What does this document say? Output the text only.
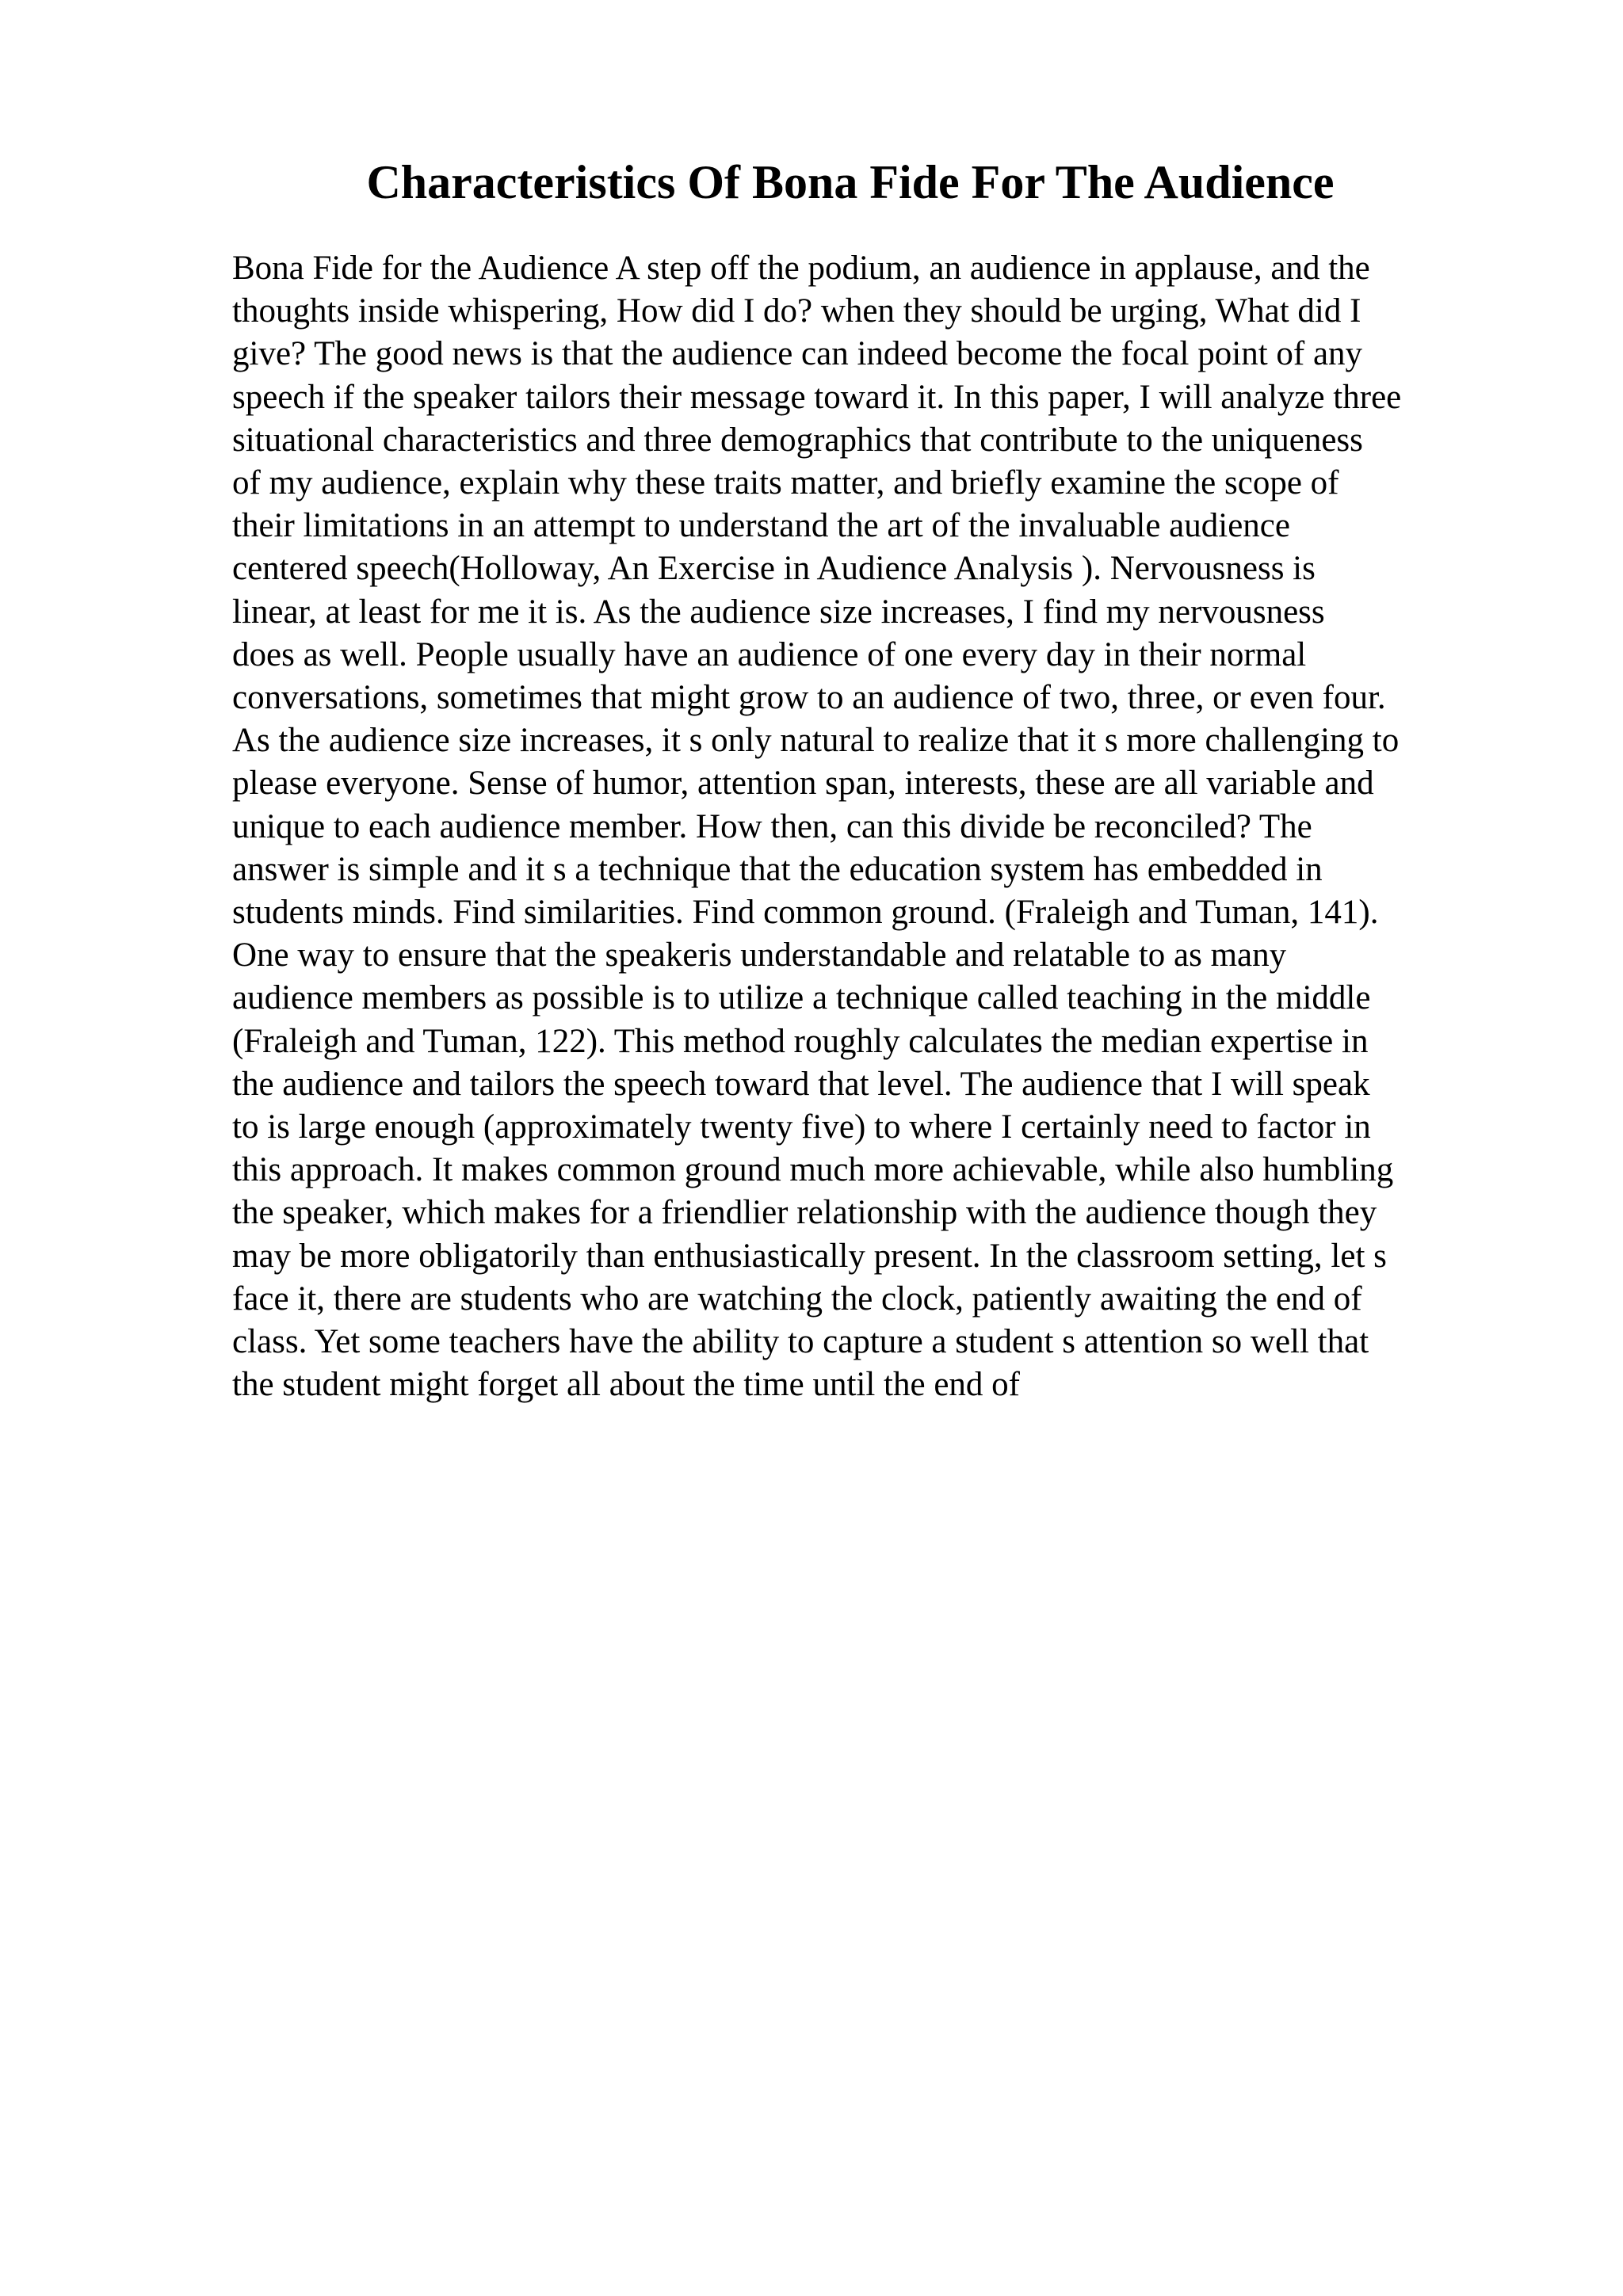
Characteristics Of Bona Fide For The Audience
Bona Fide for the Audience A step off the podium, an audience in applause, and the
thoughts inside whispering, How did I do? when they should be urging, What did I
give? The good news is that the audience can indeed become the focal point of any
speech if the speaker tailors their message toward it. In this paper, I will analyze three
situational characteristics and three demographics that contribute to the uniqueness
of my audience, explain why these traits matter, and briefly examine the scope of
their limitations in an attempt to understand the art of the invaluable audience
centered speech(Holloway, An Exercise in Audience Analysis ). Nervousness is
linear, at least for me it is. As the audience size increases, I find my nervousness
does as well. People usually have an audience of one every day in their normal
conversations, sometimes that might grow to an audience of two, three, or even four.
As the audience size increases, it s only natural to realize that it s more challenging to
please everyone. Sense of humor, attention span, interests, these are all variable and
unique to each audience member. How then, can this divide be reconciled? The
answer is simple and it s a technique that the education system has embedded in
students minds. Find similarities. Find common ground. (Fraleigh and Tuman, 141).
One way to ensure that the speakeris understandable and relatable to as many
audience members as possible is to utilize a technique called teaching in the middle
(Fraleigh and Tuman, 122). This method roughly calculates the median expertise in
the audience and tailors the speech toward that level. The audience that I will speak
to is large enough (approximately twenty five) to where I certainly need to factor in
this approach. It makes common ground much more achievable, while also humbling
the speaker, which makes for a friendlier relationship with the audience though they
may be more obligatorily than enthusiastically present. In the classroom setting, let s
face it, there are students who are watching the clock, patiently awaiting the end of
class. Yet some teachers have the ability to capture a student s attention so well that
the student might forget all about the time until the end of
